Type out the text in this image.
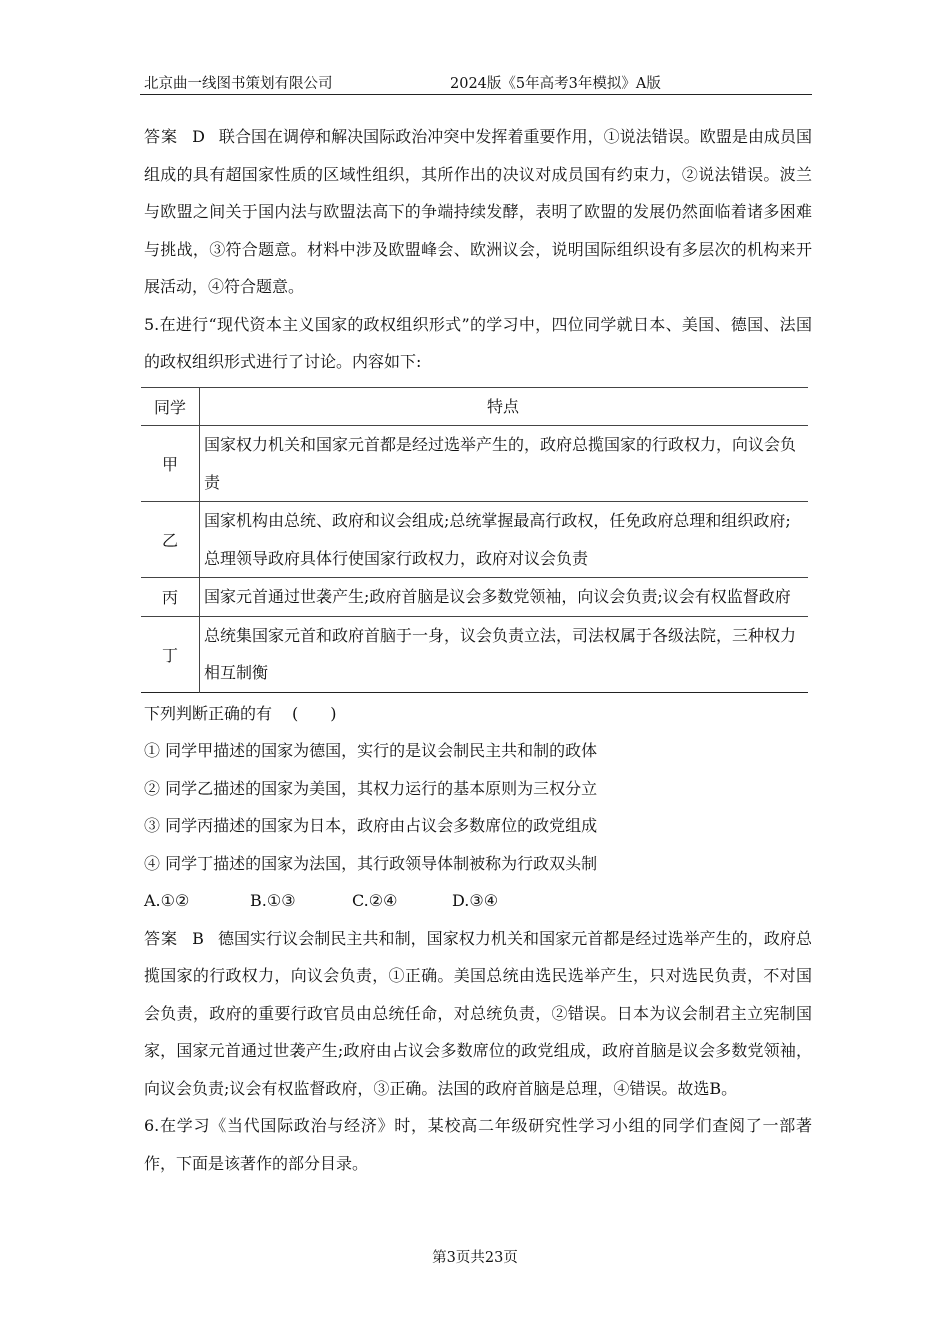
北京曲一线图书策划有限公司	2024版《5年高考3年模拟》A版

答案 D 联合国在调停和解决国际政治冲突中发挥着重要作用，①说法错误。欧盟是由成员国组成的具有超国家性质的区域性组织，其所作出的决议对成员国有约束力，②说法错误。波兰与欧盟之间关于国内法与欧盟法高下的争端持续发酵，表明了欧盟的发展仍然面临着诸多困难与挑战，③符合题意。材料中涉及欧盟峰会、欧洲议会，说明国际组织设有多层次的机构来开展活动，④符合题意。

5.在进行“现代资本主义国家的政权组织形式”的学习中，四位同学就日本、美国、德国、法国的政权组织形式进行了讨论。内容如下:

同学	特点
甲	国家权力机关和国家元首都是经过选举产生的，政府总揽国家的行政权力，向议会负责
乙	国家机构由总统、政府和议会组成;总统掌握最高行政权，任免政府总理和组织政府;总理领导政府具体行使国家行政权力，政府对议会负责
丙	国家元首通过世袭产生;政府首脑是议会多数党领袖，向议会负责;议会有权监督政府
丁	总统集国家元首和政府首脑于一身，议会负责立法，司法权属于各级法院，三种权力相互制衡

下列判断正确的有 (　　)

① 同学甲描述的国家为德国，实行的是议会制民主共和制的政体

② 同学乙描述的国家为美国，其权力运行的基本原则为三权分立

③ 同学丙描述的国家为日本，政府由占议会多数席位的政党组成

④ 同学丁描述的国家为法国，其行政领导体制被称为行政双头制

A.①②	B.①③	C.②④	D.③④

答案 B 德国实行议会制民主共和制，国家权力机关和国家元首都是经过选举产生的，政府总揽国家的行政权力，向议会负责，①正确。美国总统由选民选举产生，只对选民负责，不对国会负责，政府的重要行政官员由总统任命，对总统负责，②错误。日本为议会制君主立宪制国家，国家元首通过世袭产生;政府由占议会多数席位的政党组成，政府首脑是议会多数党领袖，向议会负责;议会有权监督政府，③正确。法国的政府首脑是总理，④错误。故选B。

6.在学习《当代国际政治与经济》时，某校高二年级研究性学习小组的同学们查阅了一部著作，下面是该著作的部分目录。

第3页共23页
